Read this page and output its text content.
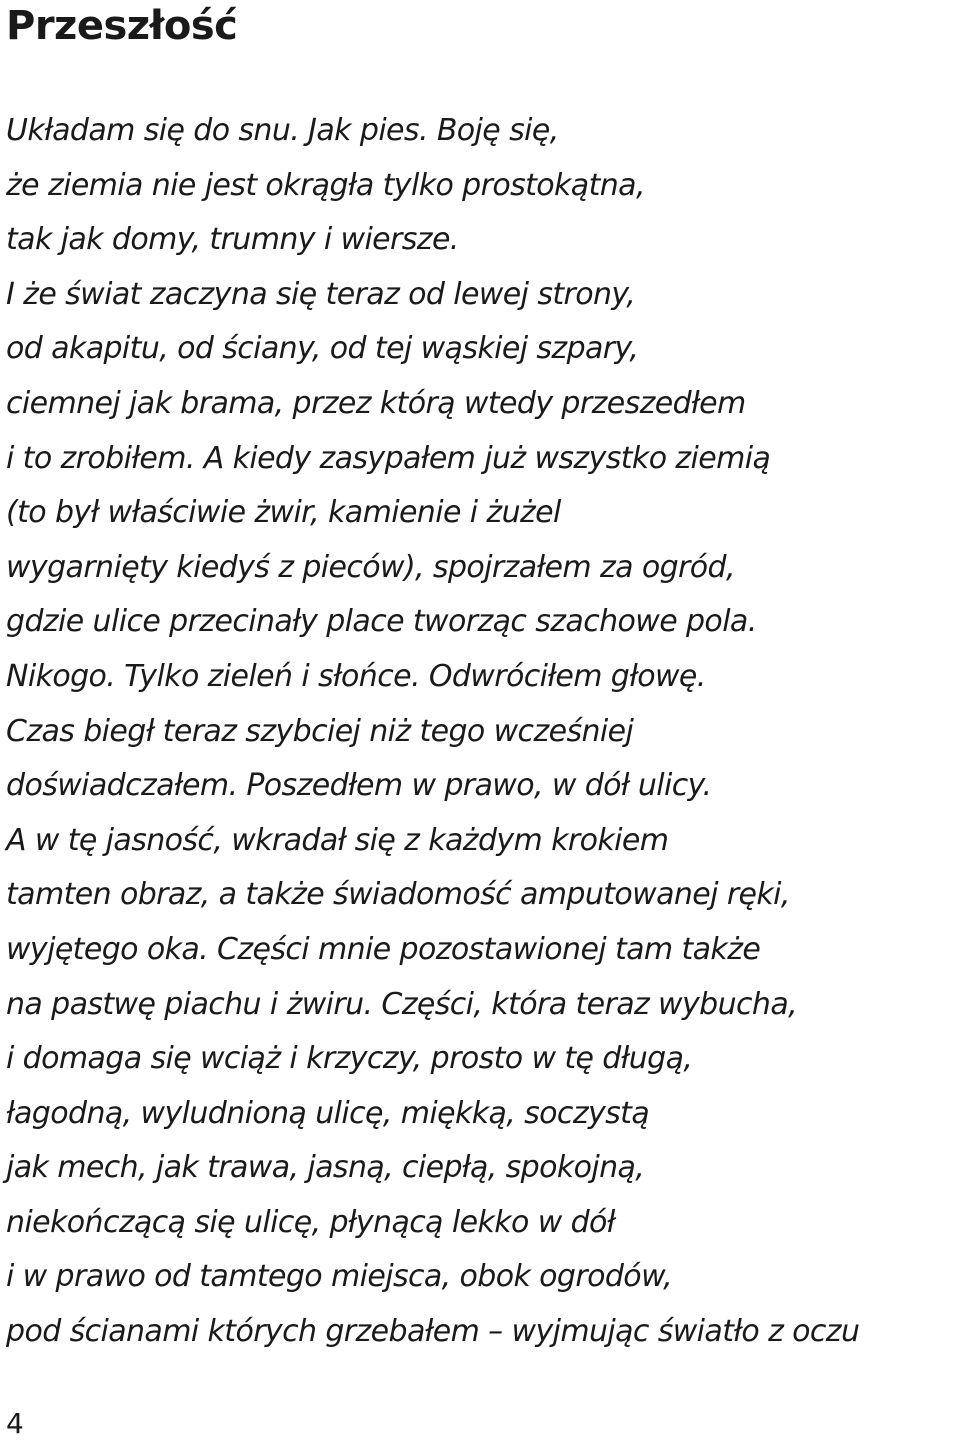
Przeszłość
Układam się do snu. Jak pies. Boję się,
że ziemia nie jest okrągła tylko prostokątna,
tak jak domy, trumny i wiersze.
I że świat zaczyna się teraz od lewej strony,
od akapitu, od ściany, od tej wąskiej szpary,
ciemnej jak brama, przez którą wtedy przeszedłem
i to zrobiłem. A kiedy zasypałem już wszystko ziemią
(to był właściwie żwir, kamienie i żużel
wygarnięty kiedyś z pieców), spojrzałem za ogród,
gdzie ulice przecinały place tworząc szachowe pola.
Nikogo. Tylko zieleń i słońce. Odwróciłem głowę.
Czas biegł teraz szybciej niż tego wcześniej
doświadczałem. Poszedłem w prawo, w dół ulicy.
A w tę jasność, wkradał się z każdym krokiem
tamten obraz, a także świadomość amputowanej ręki,
wyjętego oka. Części mnie pozostawionej tam także
na pastwę piachu i żwiru. Części, która teraz wybucha,
i domaga się wciąż i krzyczy, prosto w tę długą,
łagodną, wyludnioną ulicę, miękką, soczystą
jak mech, jak trawa, jasną, ciepłą, spokojną,
niekończącą się ulicę, płynącą lekko w dół
i w prawo od tamtego miejsca, obok ogrodów,
pod ścianami których grzebałem – wyjmując światło z oczu

4
